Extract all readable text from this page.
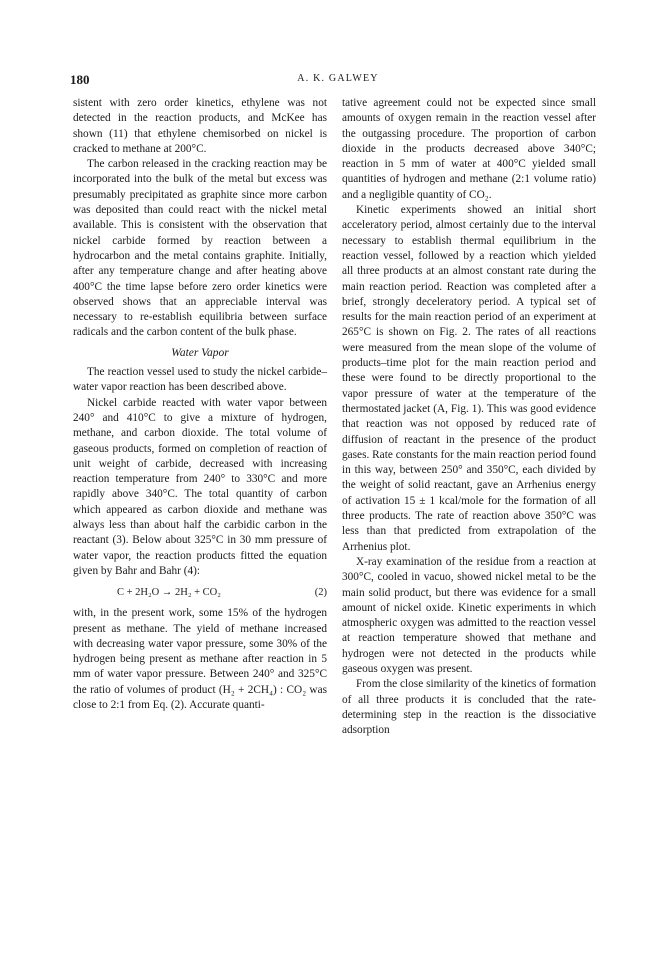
180	A. K. GALWEY

sistent with zero order kinetics, ethylene was not detected in the reaction products, and McKee has shown (11) that ethylene chemisorbed on nickel is cracked to methane at 200°C.

The carbon released in the cracking reaction may be incorporated into the bulk of the metal but excess was presumably precipitated as graphite since more carbon was deposited than could react with the nickel metal available. This is consistent with the observation that nickel carbide formed by reaction between a hydrocarbon and the metal contains graphite. Initially, after any temperature change and after heating above 400°C the time lapse before zero order kinetics were observed shows that an appreciable interval was necessary to re-establish equilibria between surface radicals and the carbon content of the bulk phase.

Water Vapor

The reaction vessel used to study the nickel carbide–water vapor reaction has been described above.

Nickel carbide reacted with water vapor between 240° and 410°C to give a mixture of hydrogen, methane, and carbon dioxide. The total volume of gaseous products, formed on completion of reaction of unit weight of carbide, decreased with increasing reaction temperature from 240° to 330°C and more rapidly above 340°C. The total quantity of carbon which appeared as carbon dioxide and methane was always less than about half the carbidic carbon in the reactant (3). Below about 325°C in 30 mm pressure of water vapor, the reaction products fitted the equation given by Bahr and Bahr (4):

C + 2H₂O → 2H₂ + CO₂	(2)

with, in the present work, some 15% of the hydrogen present as methane. The yield of methane increased with decreasing water vapor pressure, some 30% of the hydrogen being present as methane after reaction in 5 mm of water vapor pressure. Between 240° and 325°C the ratio of volumes of product (H₂ + 2CH₄) : CO₂ was close to 2:1 from Eq. (2). Accurate quanti-

tative agreement could not be expected since small amounts of oxygen remain in the reaction vessel after the outgassing procedure. The proportion of carbon dioxide in the products decreased above 340°C; reaction in 5 mm of water at 400°C yielded small quantities of hydrogen and methane (2:1 volume ratio) and a negligible quantity of CO₂.

Kinetic experiments showed an initial short acceleratory period, almost certainly due to the interval necessary to establish thermal equilibrium in the reaction vessel, followed by a reaction which yielded all three products at an almost constant rate during the main reaction period. Reaction was completed after a brief, strongly deceleratory period. A typical set of results for the main reaction period of an experiment at 265°C is shown on Fig. 2. The rates of all reactions were measured from the mean slope of the volume of products–time plot for the main reaction period and these were found to be directly proportional to the vapor pressure of water at the temperature of the thermostated jacket (A, Fig. 1). This was good evidence that reaction was not opposed by reduced rate of diffusion of reactant in the presence of the product gases. Rate constants for the main reaction period found in this way, between 250° and 350°C, each divided by the weight of solid reactant, gave an Arrhenius energy of activation 15 ± 1 kcal/mole for the formation of all three products. The rate of reaction above 350°C was less than that predicted from extrapolation of the Arrhenius plot.

X-ray examination of the residue from a reaction at 300°C, cooled in vacuo, showed nickel metal to be the main solid product, but there was evidence for a small amount of nickel oxide. Kinetic experiments in which atmospheric oxygen was admitted to the reaction vessel at reaction temperature showed that methane and hydrogen were not detected in the products while gaseous oxygen was present.

From the close similarity of the kinetics of formation of all three products it is concluded that the rate-determining step in the reaction is the dissociative adsorption
